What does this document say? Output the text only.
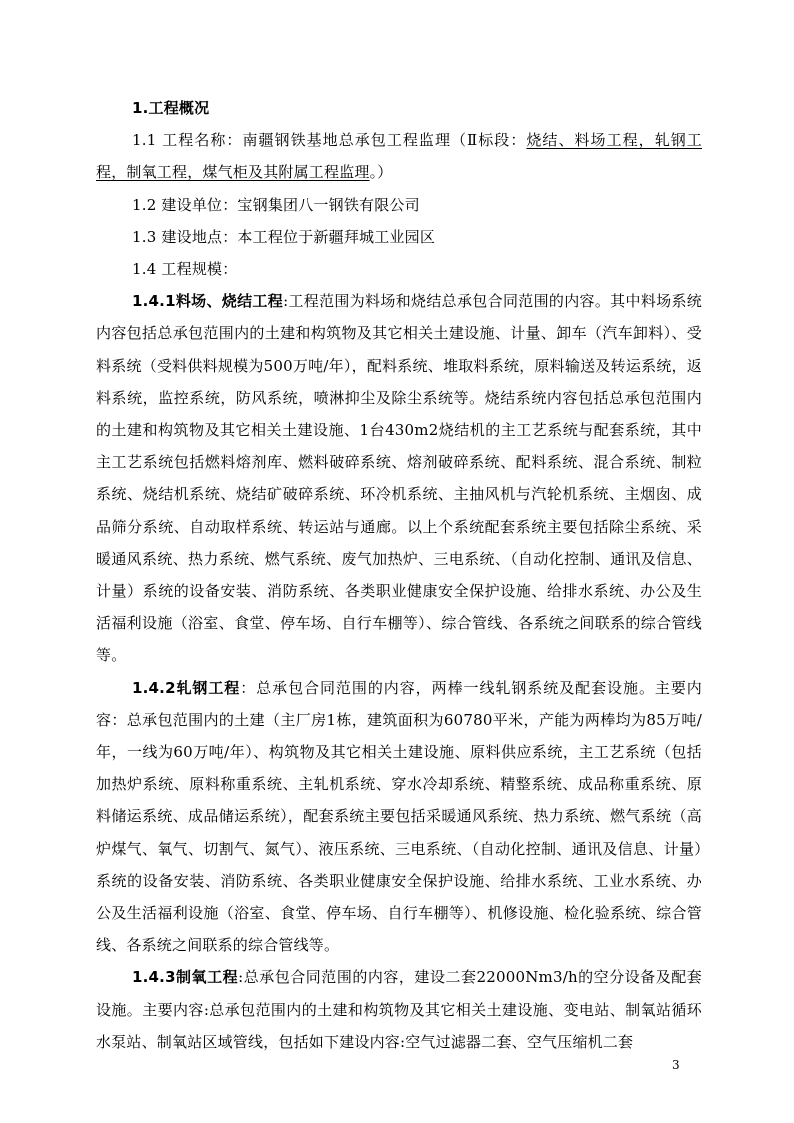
1.工程概况

1.1 工程名称：南疆钢铁基地总承包工程监理（Ⅱ标段：烧结、料场工程，轧钢工程，制氧工程，煤气柜及其附属工程监理。）

1.2 建设单位：宝钢集团八一钢铁有限公司

1.3 建设地点：本工程位于新疆拜城工业园区

1.4 工程规模：

1.4.1料场、烧结工程:工程范围为料场和烧结总承包合同范围的内容。其中料场系统内容包括总承包范围内的土建和构筑物及其它相关土建设施、计量、卸车（汽车卸料）、受料系统（受料供料规模为500万吨/年），配料系统、堆取料系统，原料输送及转运系统，返料系统，监控系统，防风系统，喷淋抑尘及除尘系统等。烧结系统内容包括总承包范围内的土建和构筑物及其它相关土建设施、1台430m2烧结机的主工艺系统与配套系统，其中主工艺系统包括燃料熔剂库、燃料破碎系统、熔剂破碎系统、配料系统、混合系统、制粒系统、烧结机系统、烧结矿破碎系统、环冷机系统、主抽风机与汽轮机系统、主烟囱、成品筛分系统、自动取样系统、转运站与通廊。以上个系统配套系统主要包括除尘系统、采暖通风系统、热力系统、燃气系统、废气加热炉、三电系统、（自动化控制、通讯及信息、计量）系统的设备安装、消防系统、各类职业健康安全保护设施、给排水系统、办公及生活福利设施（浴室、食堂、停车场、自行车棚等）、综合管线、各系统之间联系的综合管线等。

1.4.2轧钢工程：总承包合同范围的内容，两棒一线轧钢系统及配套设施。主要内容：总承包范围内的土建（主厂房1栋，建筑面积为60780平米，产能为两棒均为85万吨/年，一线为60万吨/年）、构筑物及其它相关土建设施、原料供应系统，主工艺系统（包括加热炉系统、原料称重系统、主轧机系统、穿水冷却系统、精整系统、成品称重系统、原料储运系统、成品储运系统），配套系统主要包括采暖通风系统、热力系统、燃气系统（高炉煤气、氧气、切割气、氮气）、液压系统、三电系统、（自动化控制、通讯及信息、计量）系统的设备安装、消防系统、各类职业健康安全保护设施、给排水系统、工业水系统、办公及生活福利设施（浴室、食堂、停车场、自行车棚等）、机修设施、检化验系统、综合管线、各系统之间联系的综合管线等。

1.4.3制氧工程:总承包合同范围的内容，建设二套22000Nm3/h的空分设备及配套设施。主要内容:总承包范围内的土建和构筑物及其它相关土建设施、变电站、制氧站循环水泵站、制氧站区域管线，包括如下建设内容:空气过滤器二套、空气压缩机二套

3
